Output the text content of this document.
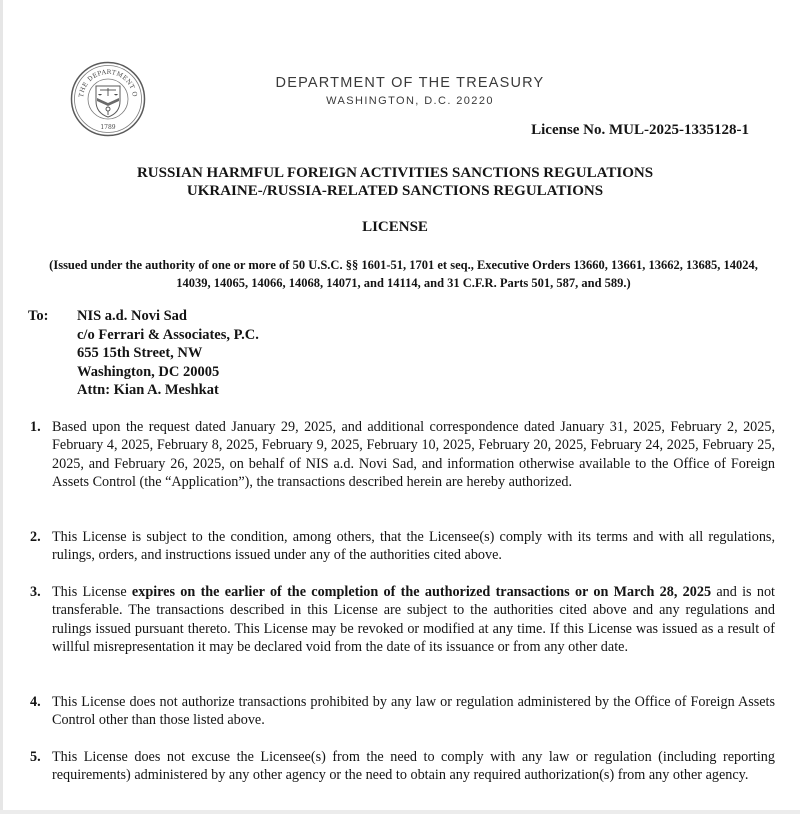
THE DEPARTMENT O
1789
DEPARTMENT OF THE TREASURY
WASHINGTON, D.C. 20220
License No. MUL-2025-1335128-1
RUSSIAN HARMFUL FOREIGN ACTIVITIES SANCTIONS REGULATIONS
UKRAINE-/RUSSIA-RELATED SANCTIONS REGULATIONS
LICENSE
(Issued under the authority of one or more of 50 U.S.C. §§ 1601-51, 1701 et seq., Executive Orders 13660, 13661, 13662, 13685, 14024, 14039, 14065, 14066, 14068, 14071, and 14114, and 31 C.F.R. Parts 501, 587, and 589.)
To: NIS a.d. Novi Sad
c/o Ferrari & Associates, P.C.
655 15th Street, NW
Washington, DC 20005
Attn: Kian A. Meshkat
1. Based upon the request dated January 29, 2025, and additional correspondence dated January 31, 2025, February 2, 2025, February 4, 2025, February 8, 2025, February 9, 2025, February 10, 2025, February 20, 2025, February 24, 2025, February 25, 2025, and February 26, 2025, on behalf of NIS a.d. Novi Sad, and information otherwise available to the Office of Foreign Assets Control (the “Application”), the transactions described herein are hereby authorized.
2. This License is subject to the condition, among others, that the Licensee(s) comply with its terms and with all regulations, rulings, orders, and instructions issued under any of the authorities cited above.
3. This License expires on the earlier of the completion of the authorized transactions or on March 28, 2025 and is not transferable. The transactions described in this License are subject to the authorities cited above and any regulations and rulings issued pursuant thereto. This License may be revoked or modified at any time. If this License was issued as a result of willful misrepresentation it may be declared void from the date of its issuance or from any other date.
4. This License does not authorize transactions prohibited by any law or regulation administered by the Office of Foreign Assets Control other than those listed above.
5. This License does not excuse the Licensee(s) from the need to comply with any law or regulation (including reporting requirements) administered by any other agency or the need to obtain any required authorization(s) from any other agency.
